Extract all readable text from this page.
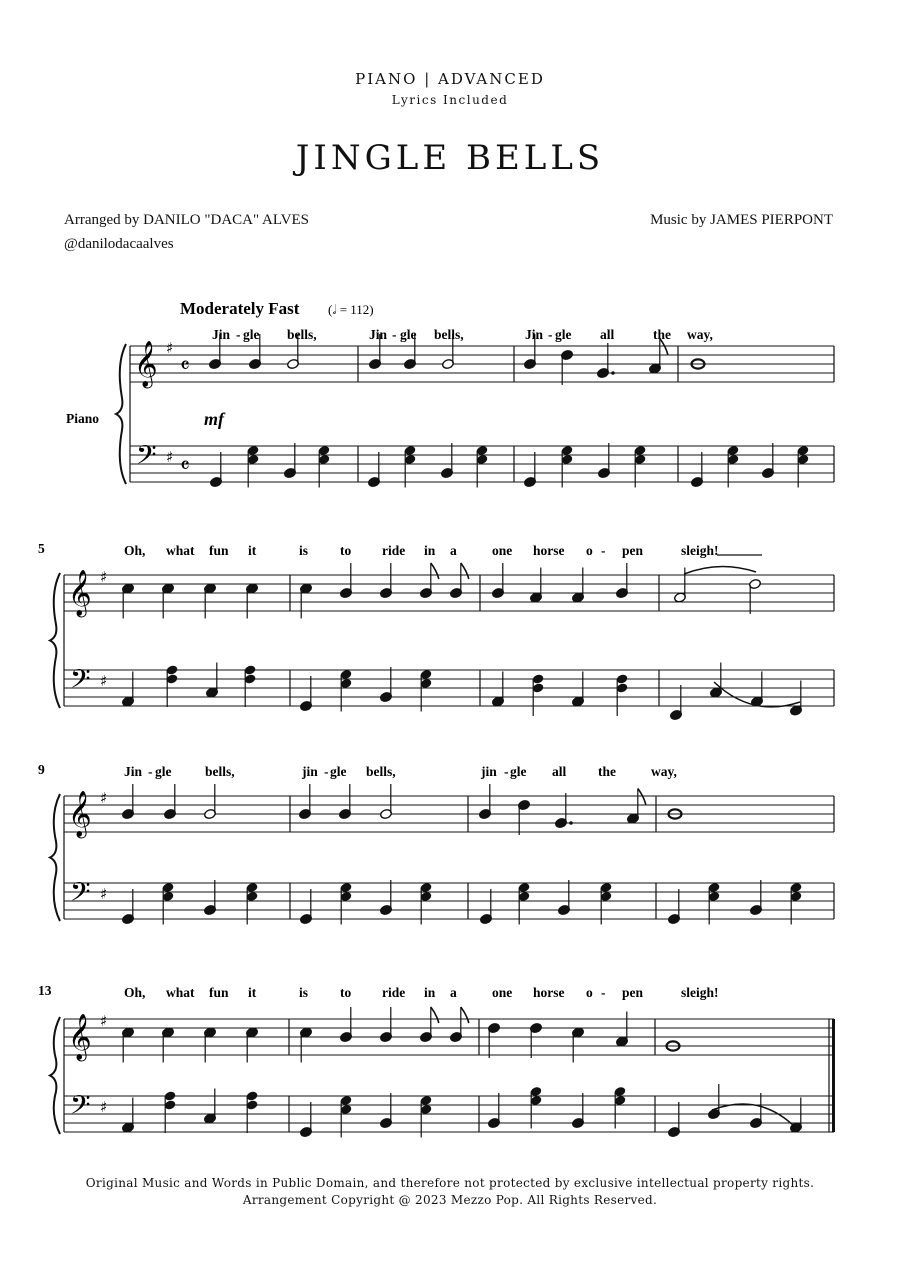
PIANO | ADVANCED
Lyrics Included
JINGLE BELLS
Arranged by DANILO "DACA" ALVES
@danilodacaalves
Music by JAMES PIERPONT
𝄞
𝄢
♯
♯
𝄴
𝄴
Jin - gle bells,	Jin - gle bells,	Jin - gle all	the way,
𝄞
𝄢
♯
♯
Oh, what fun it	is to ride in a	one horse o - pen	sleigh!
5
𝄞
𝄢
♯
♯
Jin - gle bells,	jin - gle bells,	jin - gle all the	way,
9
𝄞
𝄢
♯
♯
Oh, what fun it	is to ride in a	one horse o - pen	sleigh!
13
Moderately Fast (𝅗𝅥 = 112)
Piano	mf
Original Music and Words in Public Domain, and therefore not protected by exclusive intellectual property rights.
Arrangement Copyright @ 2023 Mezzo Pop. All Rights Reserved.
